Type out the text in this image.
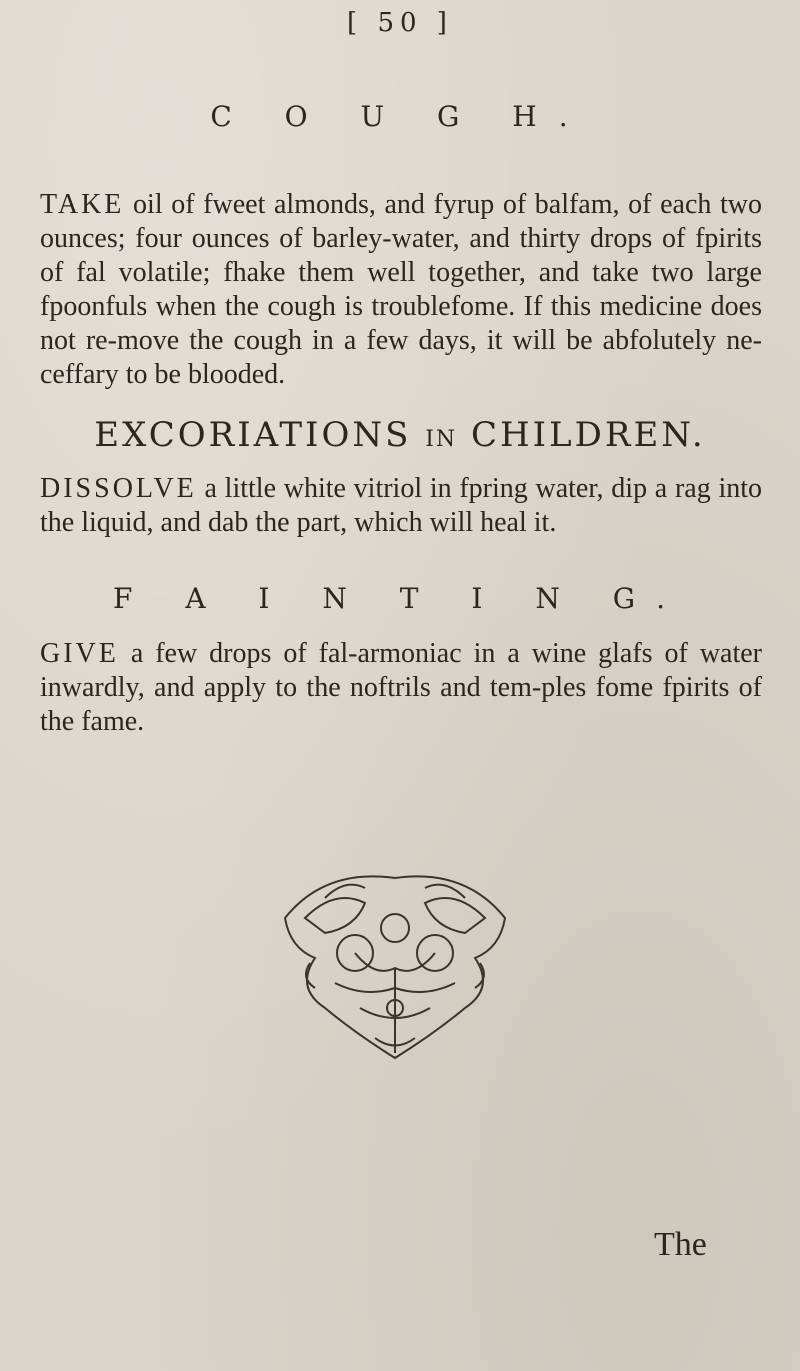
[ 50 ]
C O U G H.
TAKE oil of fweet almonds, and fyrup of balfam, of each two ounces; four ounces of barley-water, and thirty drops of fpirits of fal volatile; fhake them well together, and take two large fpoonfuls when the cough is troublefome. If this medicine does not re-move the cough in a few days, it will be abfolutely ne-ceffary to be blooded.
EXCORIATIONS IN CHILDREN.
DISSOLVE a little white vitriol in fpring water, dip a rag into the liquid, and dab the part, which will heal it.
F A I N T I N G.
GIVE a few drops of fal-armoniac in a wine glafs of water inwardly, and apply to the noftrils and tem-ples fome fpirits of the fame.
The
